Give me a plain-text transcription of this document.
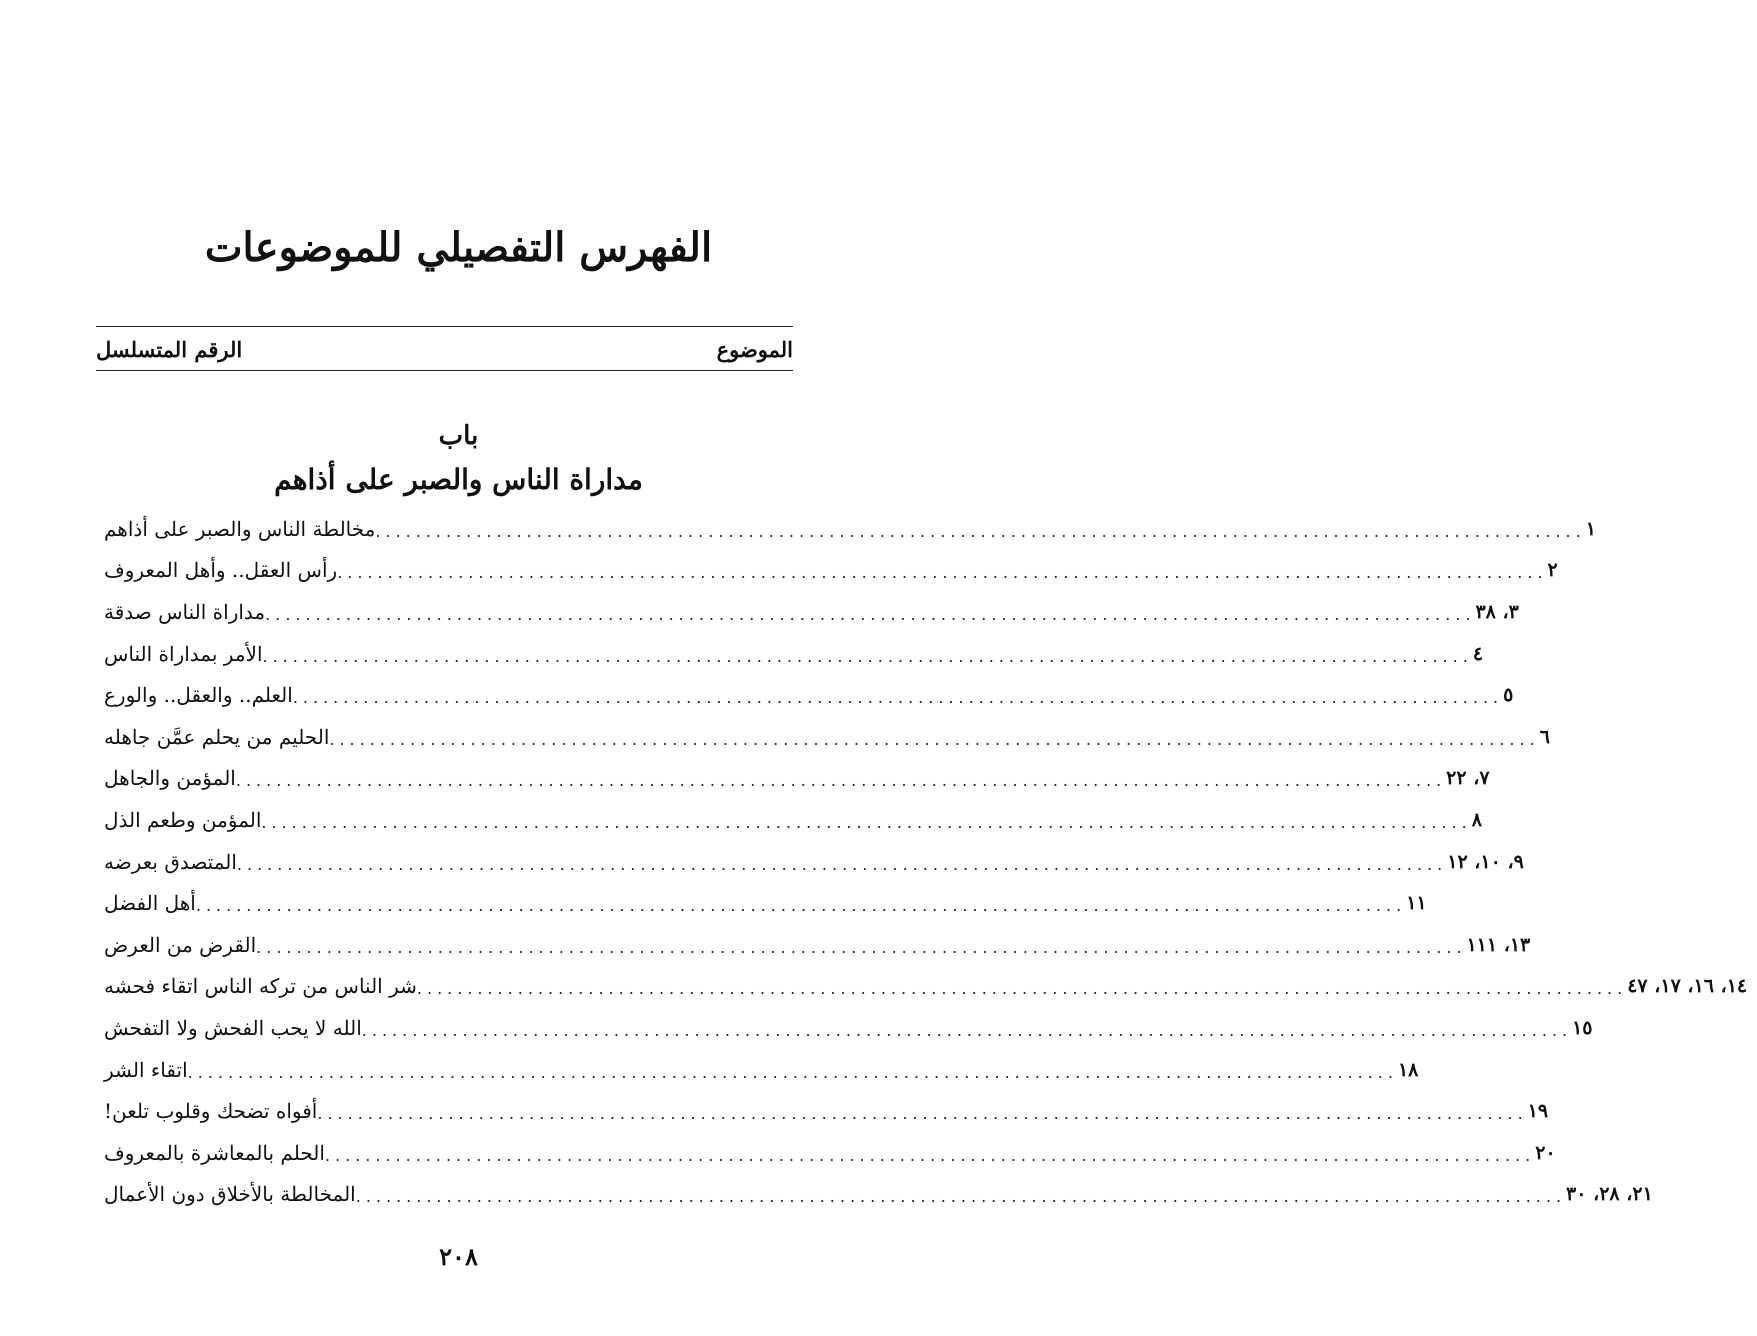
الفهرس التفصيلي للموضوعات
الموضوع
الرقم المتسلسل
باب
مداراة الناس والصبر على أذاهم
مخالطة الناس والصبر على أذاهم ........................................................................................................................ ١
رأس العقل.. وأهل المعروف ........................................................................................................................ ٢
مداراة الناس صدقة ........................................................................................................................ ٣، ٣٨
الأمر بمداراة الناس ........................................................................................................................ ٤
العلم.. والعقل.. والورع ........................................................................................................................ ٥
الحليم من يحلم عمَّن جاهله ........................................................................................................................ ٦
المؤمن والجاهل ........................................................................................................................ ٧، ٢٢
المؤمن وطعم الذل ........................................................................................................................ ٨
المتصدق بعرضه ........................................................................................................................ ٩، ١٠، ١٢
أهل الفضل ........................................................................................................................ ١١
القرض من العرض ........................................................................................................................ ١٣، ١١١
شر الناس من تركه الناس اتقاء فحشه ........................................................................................................................ ١٤، ١٦، ١٧، ٤٧
الله لا يحب الفحش ولا التفحش ........................................................................................................................ ١٥
اتقاء الشر ........................................................................................................................ ١٨
أفواه تضحك وقلوب تلعن! ........................................................................................................................ ١٩
الحلم بالمعاشرة بالمعروف ........................................................................................................................ ٢٠
المخالطة بالأخلاق دون الأعمال ........................................................................................................................ ٢١، ٢٨، ٣٠
٢٠٨
